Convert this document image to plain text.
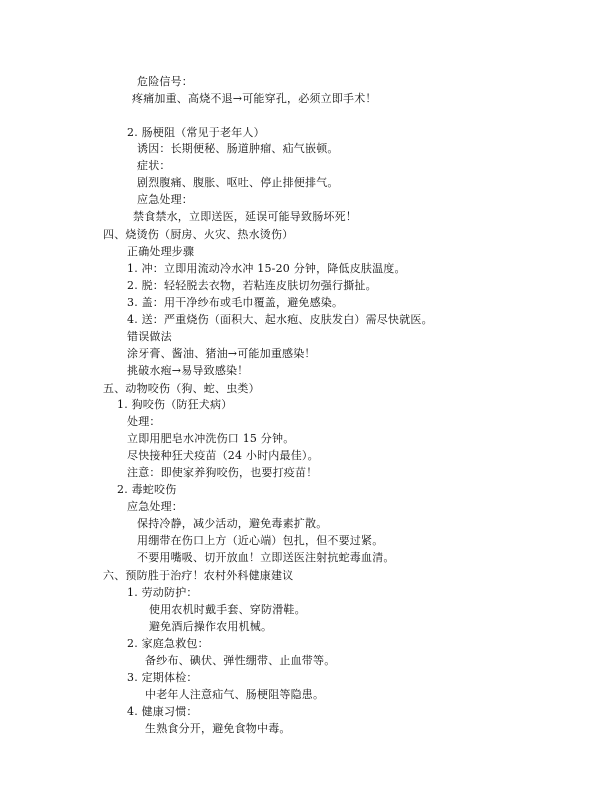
危险信号：
疼痛加重、高烧不退→可能穿孔，必须立即手术！
2. 肠梗阻（常见于老年人）
诱因：长期便秘、肠道肿瘤、疝气嵌顿。
症状：
剧烈腹痛、腹胀、呕吐、停止排便排气。
应急处理：
禁食禁水，立即送医，延误可能导致肠坏死！
四、烧烫伤（厨房、火灾、热水烫伤）
正确处理步骤
1. 冲：立即用流动冷水冲 15-20 分钟，降低皮肤温度。
2. 脱：轻轻脱去衣物，若粘连皮肤切勿强行撕扯。
3. 盖：用干净纱布或毛巾覆盖，避免感染。
4. 送：严重烧伤（面积大、起水疱、皮肤发白）需尽快就医。
错误做法
涂牙膏、酱油、猪油→可能加重感染！
挑破水疱→易导致感染！
五、动物咬伤（狗、蛇、虫类）
1. 狗咬伤（防狂犬病）
处理：
立即用肥皂水冲洗伤口 15 分钟。
尽快接种狂犬疫苗（24 小时内最佳）。
注意：即使家养狗咬伤，也要打疫苗！
2. 毒蛇咬伤
应急处理：
保持冷静，减少活动，避免毒素扩散。
用绷带在伤口上方（近心端）包扎，但不要过紧。
不要用嘴吸、切开放血！立即送医注射抗蛇毒血清。
六、预防胜于治疗！农村外科健康建议
1. 劳动防护：
使用农机时戴手套、穿防滑鞋。
避免酒后操作农用机械。
2. 家庭急救包：
备纱布、碘伏、弹性绷带、止血带等。
3. 定期体检：
中老年人注意疝气、肠梗阻等隐患。
4. 健康习惯：
生熟食分开，避免食物中毒。
